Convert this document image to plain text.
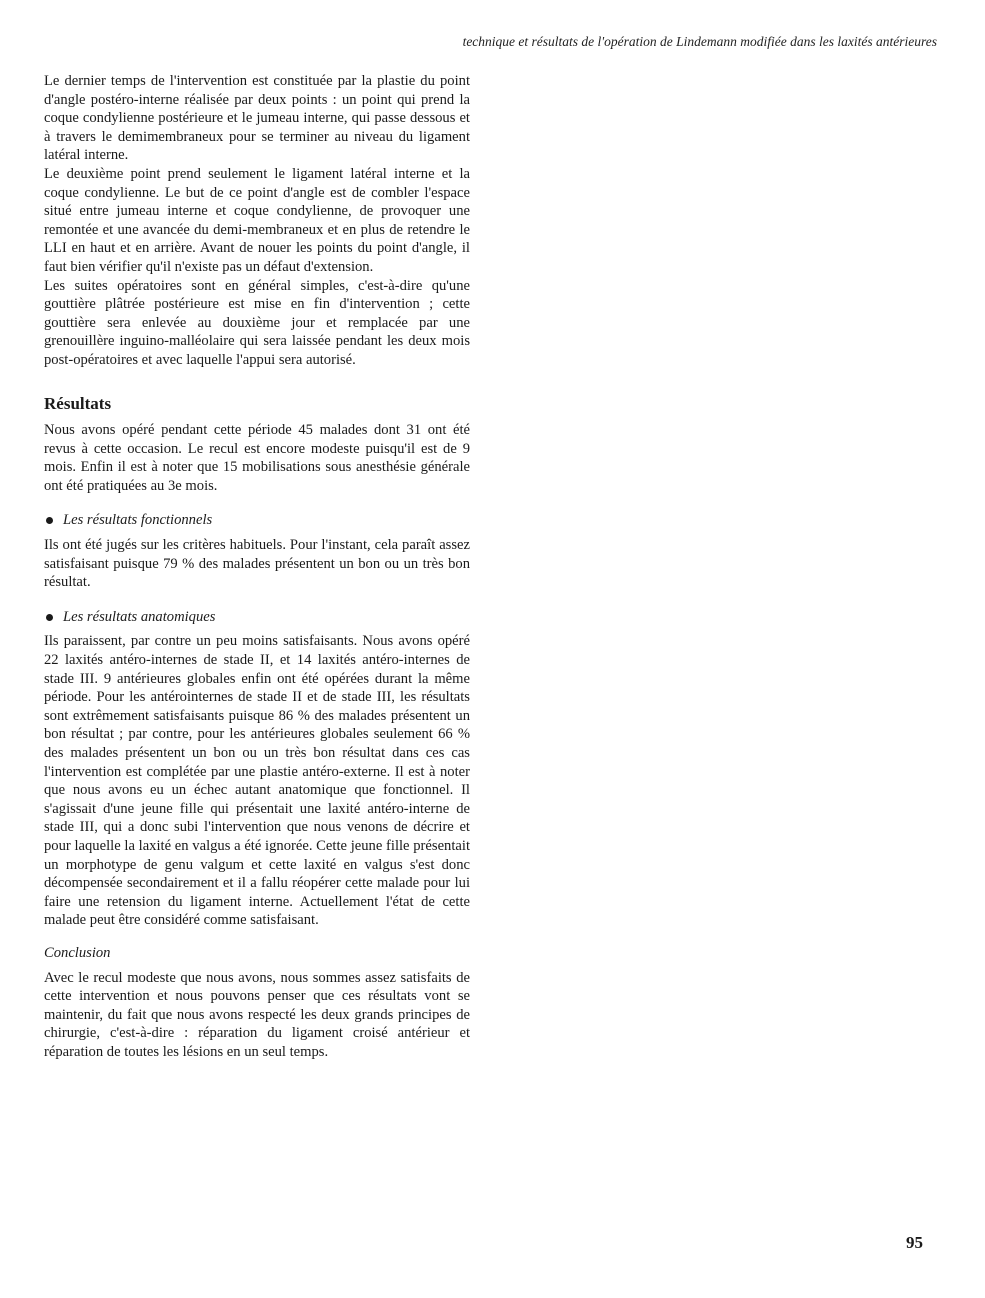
technique et résultats de l'opération de Lindemann modifiée dans les laxités antérieures

Le dernier temps de l'intervention est constituée par la plastie du point d'angle postéro-interne réalisée par deux points : un point qui prend la coque condylienne postérieure et le jumeau interne, qui passe dessous et à travers le demimembraneux pour se terminer au niveau du ligament latéral interne.

Le deuxième point prend seulement le ligament latéral interne et la coque condylienne. Le but de ce point d'angle est de combler l'espace situé entre jumeau interne et coque condylienne, de provoquer une remontée et une avancée du demi-membraneux et en plus de retendre le LLI en haut et en arrière. Avant de nouer les points du point d'angle, il faut bien vérifier qu'il n'existe pas un défaut d'extension.

Les suites opératoires sont en général simples, c'est-à-dire qu'une gouttière plâtrée postérieure est mise en fin d'intervention ; cette gouttière sera enlevée au douxième jour et remplacée par une grenouillère inguino-malléolaire qui sera laissée pendant les deux mois post-opératoires et avec laquelle l'appui sera autorisé.

Résultats

Nous avons opéré pendant cette période 45 malades dont 31 ont été revus à cette occasion. Le recul est encore modeste puisqu'il est de 9 mois. Enfin il est à noter que 15 mobilisations sous anesthésie générale ont été pratiquées au 3e mois.

Les résultats fonctionnels

Ils ont été jugés sur les critères habituels. Pour l'instant, cela paraît assez satisfaisant puisque 79 % des malades présentent un bon ou un très bon résultat.

Les résultats anatomiques

Ils paraissent, par contre un peu moins satisfaisants. Nous avons opéré 22 laxités antéro-internes de stade II, et 14 laxités antéro-internes de stade III. 9 antérieures globales enfin ont été opérées durant la même période. Pour les antérointernes de stade II et de stade III, les résultats sont extrêmement satisfaisants puisque 86 % des malades présentent un bon résultat ; par contre, pour les antérieures globales seulement 66 % des malades présentent un bon ou un très bon résultat dans ces cas l'intervention est complétée par une plastie antéro-externe. Il est à noter que nous avons eu un échec autant anatomique que fonctionnel. Il s'agissait d'une jeune fille qui présentait une laxité antéro-interne de stade III, qui a donc subi l'intervention que nous venons de décrire et pour laquelle la laxité en valgus a été ignorée. Cette jeune fille présentait un morphotype de genu valgum et cette laxité en valgus s'est donc décompensée secondairement et il a fallu réopérer cette malade pour lui faire une retension du ligament interne. Actuellement l'état de cette malade peut être considéré comme satisfaisant.

Conclusion

Avec le recul modeste que nous avons, nous sommes assez satisfaits de cette intervention et nous pouvons penser que ces résultats vont se maintenir, du fait que nous avons respecté les deux grands principes de chirurgie, c'est-à-dire : réparation du ligament croisé antérieur et réparation de toutes les lésions en un seul temps.

95
